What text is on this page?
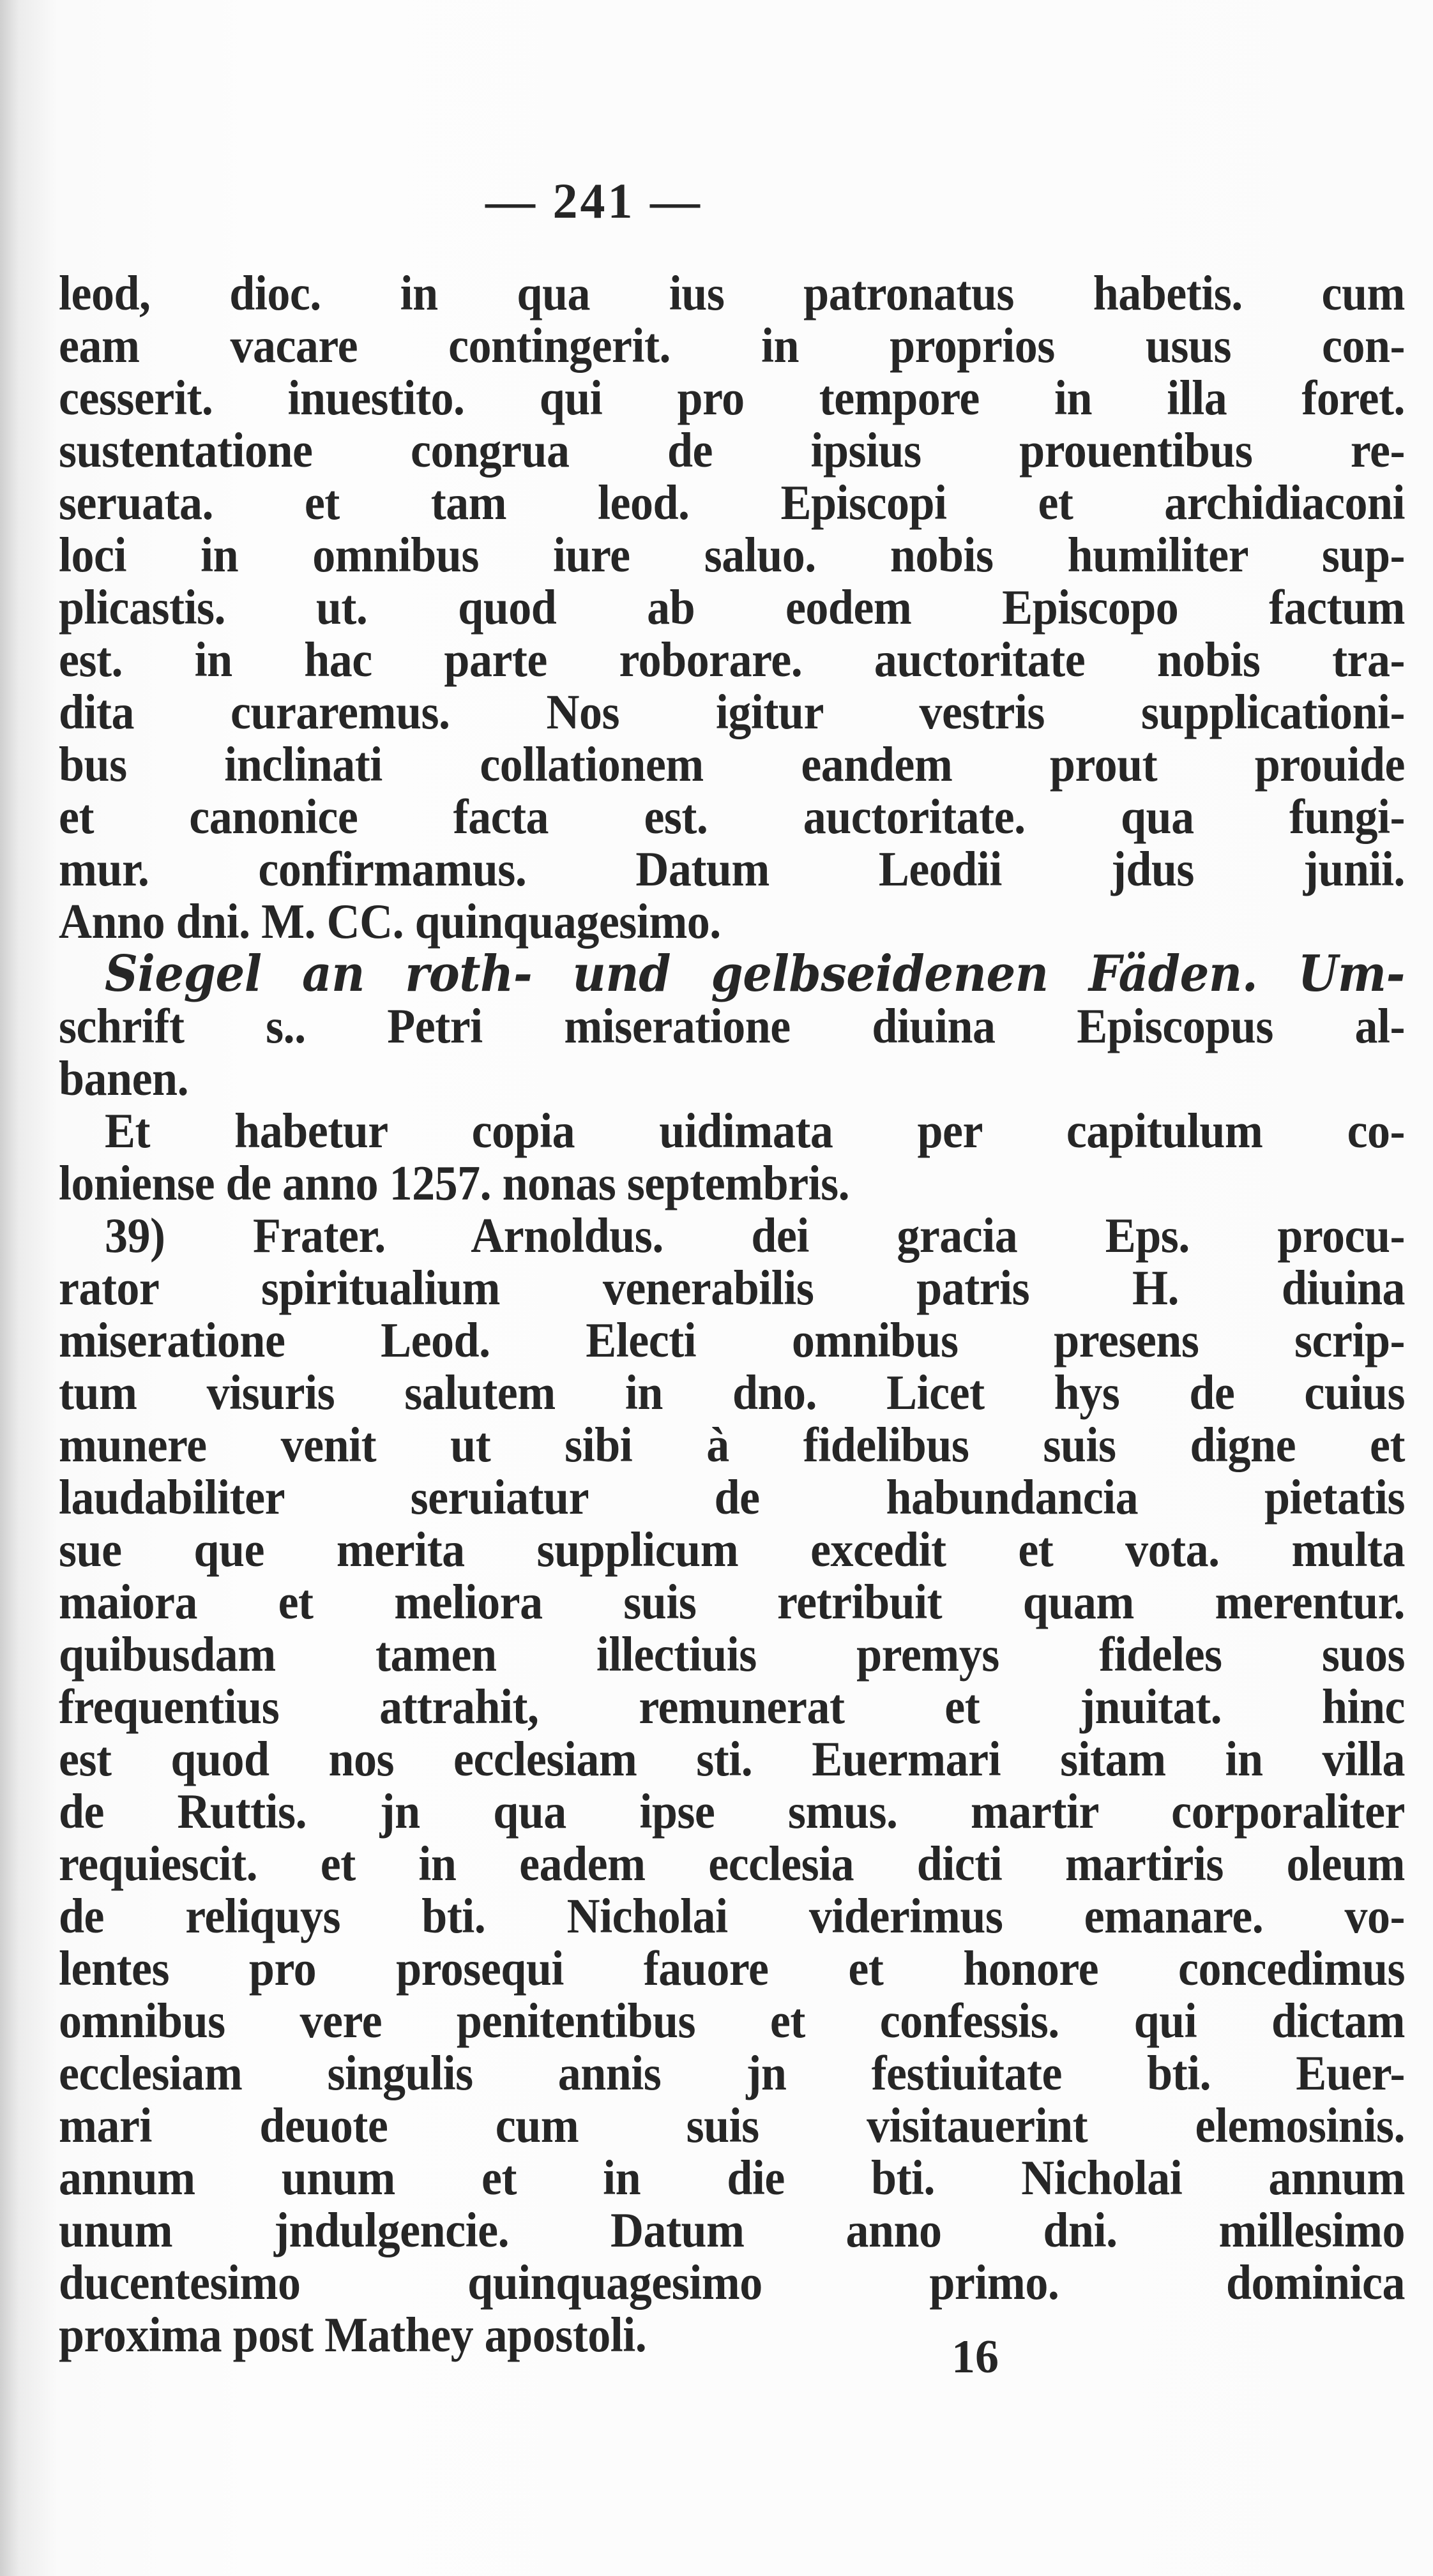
— 241 —
leod, dioc. in qua ius patronatus habetis. cum
eam vacare contingerit. in proprios usus con-
cesserit. inuestito. qui pro tempore in illa foret.
sustentatione congrua de ipsius prouentibus re-
seruata. et tam leod. Episcopi et archidiaconi
loci in omnibus iure saluo. nobis humiliter sup-
plicastis. ut. quod ab eodem Episcopo factum
est. in hac parte roborare. auctoritate nobis tra-
dita curaremus. Nos igitur vestris supplicationi-
bus inclinati collationem eandem prout prouide
et canonice facta est. auctoritate. qua fungi-
mur. confirmamus. Datum Leodii jdus junii.
Anno dni. M. CC. quinquagesimo.
Siegel an roth- und gelbseidenen Fäden. Um-
schrift s.. Petri miseratione diuina Episcopus al-
banen.
Et habetur copia uidimata per capitulum co-
loniense de anno 1257. nonas septembris.
39) Frater. Arnoldus. dei gracia Eps. procu-
rator spiritualium venerabilis patris H. diuina
miseratione Leod. Electi omnibus presens scrip-
tum visuris salutem in dno. Licet hys de cuius
munere venit ut sibi à fidelibus suis digne et
laudabiliter seruiatur de habundancia pietatis
sue que merita supplicum excedit et vota. multa
maiora et meliora suis retribuit quam merentur.
quibusdam tamen illectiuis premys fideles suos
frequentius attrahit, remunerat et jnuitat. hinc
est quod nos ecclesiam sti. Euermari sitam in villa
de Ruttis. jn qua ipse smus. martir corporaliter
requiescit. et in eadem ecclesia dicti martiris oleum
de reliquys bti. Nicholai viderimus emanare. vo-
lentes pro prosequi fauore et honore concedimus
omnibus vere penitentibus et confessis. qui dictam
ecclesiam singulis annis jn festiuitate bti. Euer-
mari deuote cum suis visitauerint elemosinis.
annum unum et in die bti. Nicholai annum
unum jndulgencie. Datum anno dni. millesimo
ducentesimo quinquagesimo primo. dominica
proxima post Mathey apostoli.	16
